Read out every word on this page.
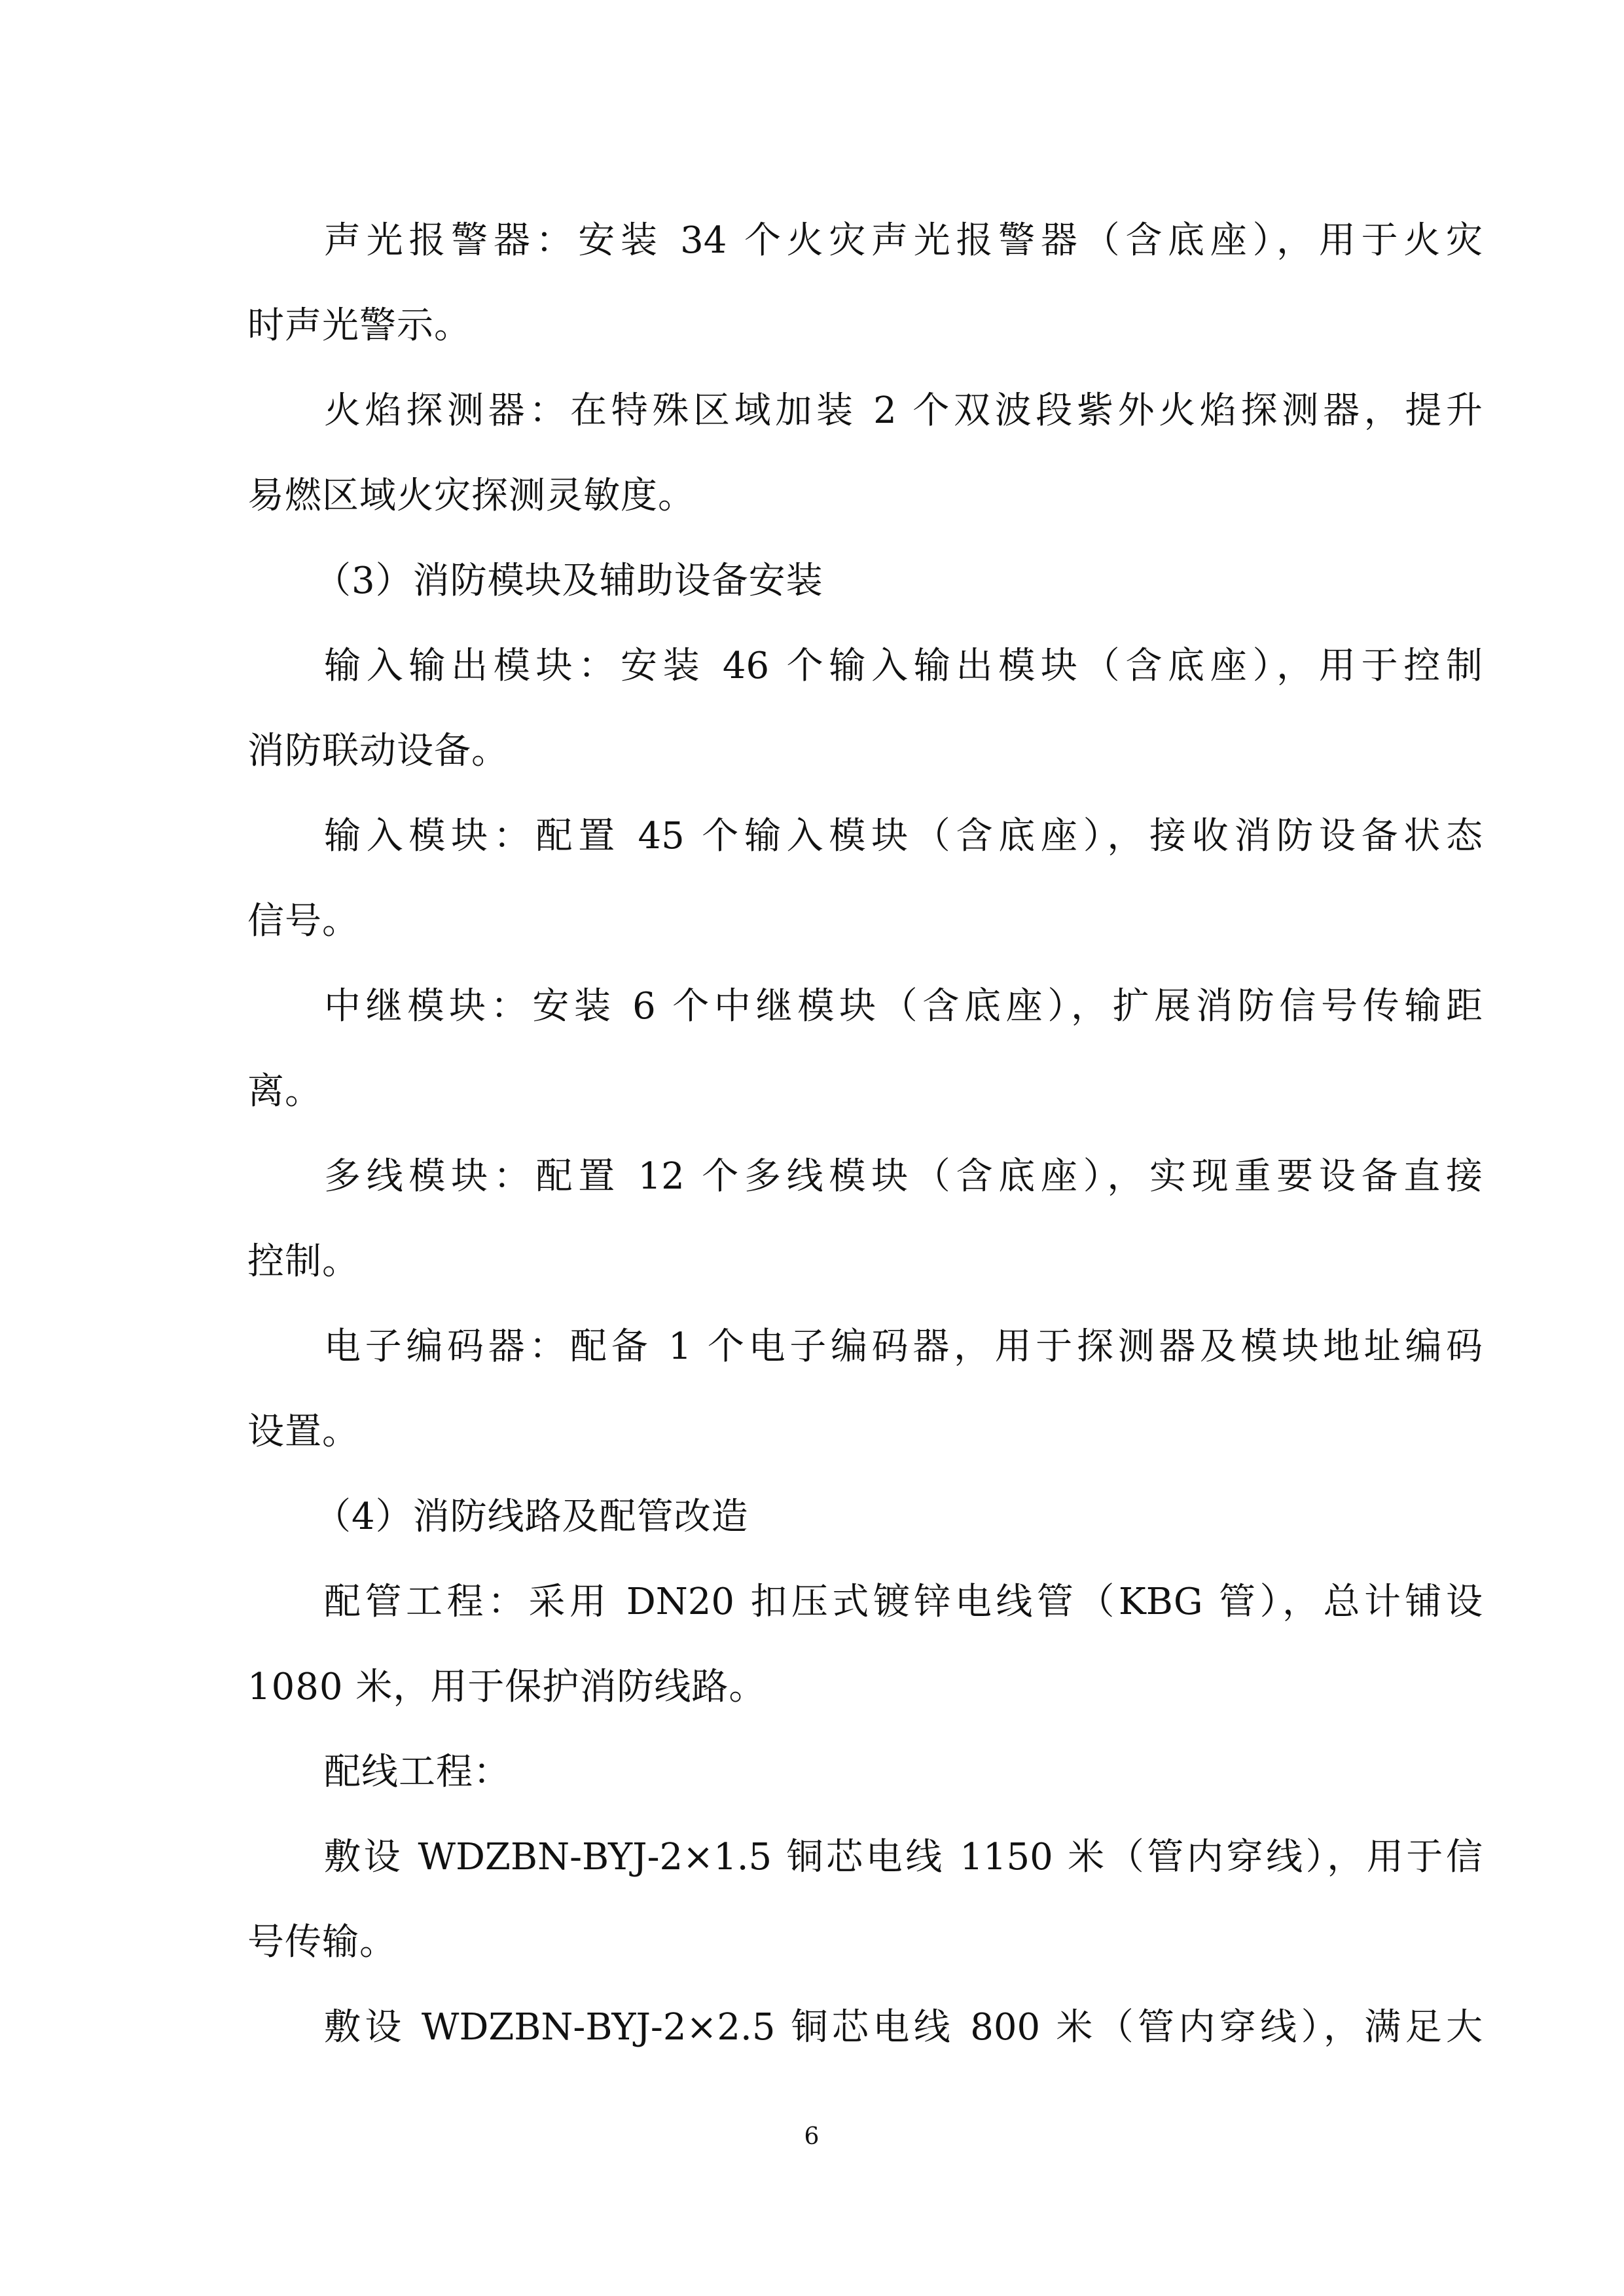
声光报警器：安装 34 个火灾声光报警器（含底座），用于火灾
时声光警示。
火焰探测器：在特殊区域加装 2 个双波段紫外火焰探测器，提升
易燃区域火灾探测灵敏度。
（3）消防模块及辅助设备安装
输入输出模块：安装 46 个输入输出模块（含底座），用于控制
消防联动设备。
输入模块：配置 45 个输入模块（含底座），接收消防设备状态
信号。
中继模块：安装 6 个中继模块（含底座），扩展消防信号传输距
离。
多线模块：配置 12 个多线模块（含底座），实现重要设备直接
控制。
电子编码器：配备 1 个电子编码器，用于探测器及模块地址编码
设置。
（4）消防线路及配管改造
配管工程：采用 DN20 扣压式镀锌电线管（KBG 管），总计铺设
1080 米，用于保护消防线路。
配线工程：
敷设 WDZBN-BYJ-2×1.5 铜芯电线 1150 米（管内穿线），用于信
号传输。
敷设 WDZBN-BYJ-2×2.5 铜芯电线 800 米（管内穿线），满足大
6
